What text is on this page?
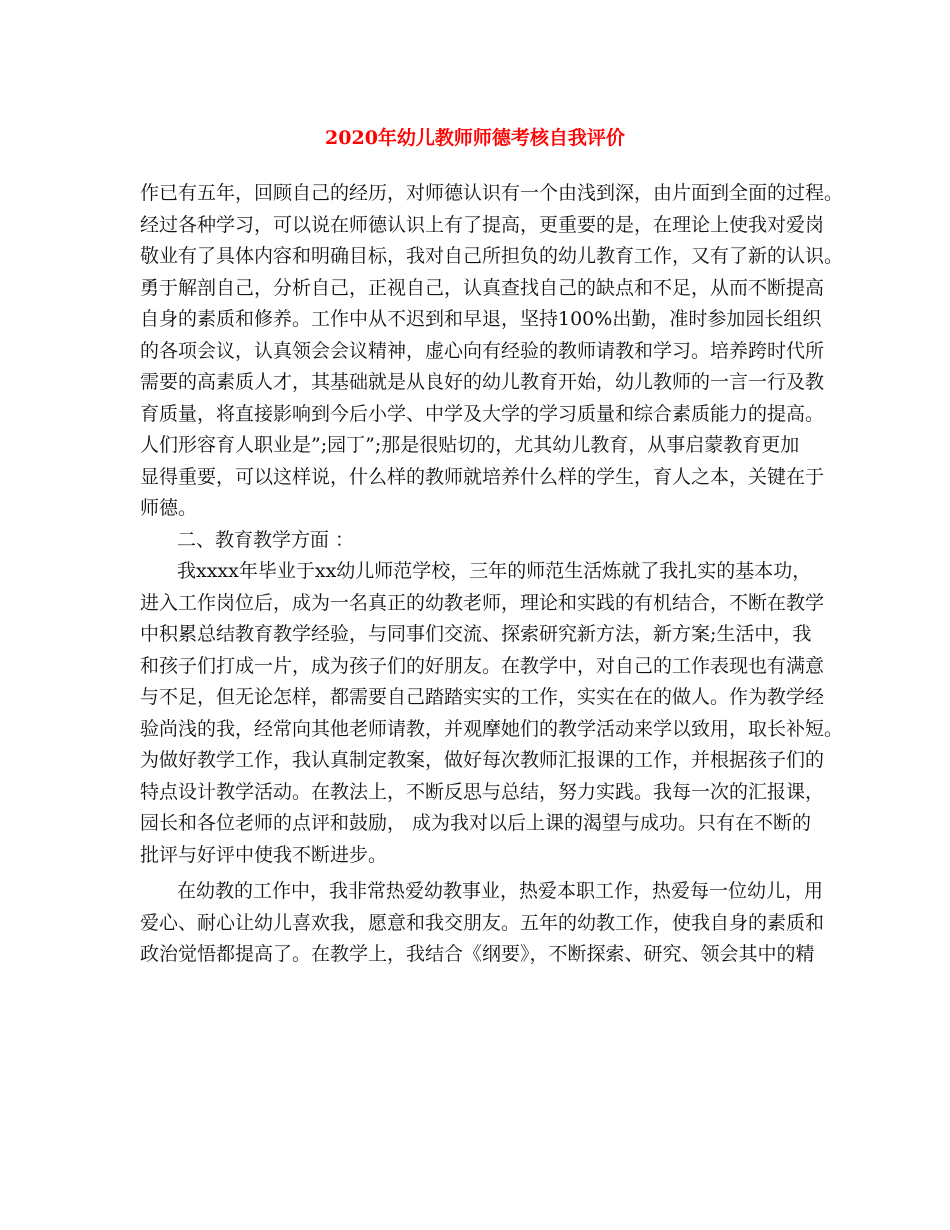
2020年幼儿教师师德考核自我评价
作已有五年，回顾自己的经历，对师德认识有一个由浅到深，由片面到全面的过程。
经过各种学习，可以说在师德认识上有了提高，更重要的是，在理论上使我对爱岗
敬业有了具体内容和明确目标，我对自己所担负的幼儿教育工作，又有了新的认识。
勇于解剖自己，分析自己，正视自己，认真查找自己的缺点和不足，从而不断提高
自身的素质和修养。工作中从不迟到和早退，坚持100%出勤，准时参加园长组织
的各项会议，认真领会会议精神，虚心向有经验的教师请教和学习。培养跨时代所
需要的高素质人才，其基础就是从良好的幼儿教育开始，幼儿教师的一言一行及教
育质量，将直接影响到今后小学、中学及大学的学习质量和综合素质能力的提高。
人们形容育人职业是”;园丁”;那是很贴切的，尤其幼儿教育，从事启蒙教育更加
显得重要，可以这样说，什么样的教师就培养什么样的学生，育人之本，关键在于
师德。
二、教育教学方面 ：
我xxxx年毕业于xx幼儿师范学校，三年的师范生活炼就了我扎实的基本功，
进入工作岗位后，成为一名真正的幼教老师，理论和实践的有机结合，不断在教学
中积累总结教育教学经验，与同事们交流、探索研究新方法，新方案;生活中，我
和孩子们打成一片，成为孩子们的好朋友。在教学中，对自己的工作表现也有满意
与不足，但无论怎样，都需要自己踏踏实实的工作，实实在在的做人。作为教学经
验尚浅的我，经常向其他老师请教，并观摩她们的教学活动来学以致用，取长补短。
为做好教学工作，我认真制定教案，做好每次教师汇报课的工作，并根据孩子们的
特点设计教学活动。在教法上，不断反思与总结，努力实践。我每一次的汇报课，
园长和各位老师的点评和鼓励， 成为我对以后上课的渴望与成功。只有在不断的
批评与好评中使我不断进步。
在幼教的工作中，我非常热爱幼教事业，热爱本职工作，热爱每一位幼儿，用
爱心、耐心让幼儿喜欢我，愿意和我交朋友。五年的幼教工作，使我自身的素质和
政治觉悟都提高了。在教学上，我结合《纲要》，不断探索、研究、领会其中的精
